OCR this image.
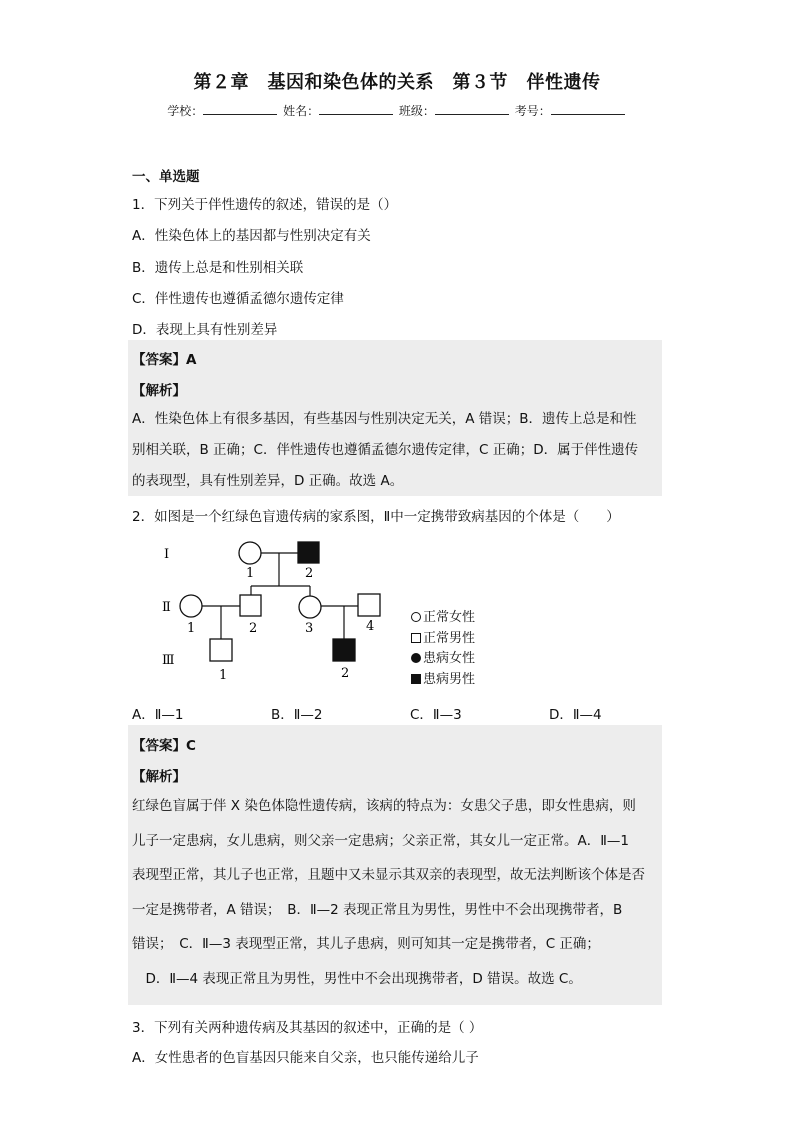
第２章　基因和染色体的关系　第３节　伴性遗传
学校：	姓名：	班级：	考号：
一、单选题
1．下列关于伴性遗传的叙述，错误的是（）
A．性染色体上的基因都与性别决定有关
B．遗传上总是和性别相关联
C．伴性遗传也遵循孟德尔遗传定律
D．表现上具有性别差异
【答案】A
【解析】
A．性染色体上有很多基因，有些基因与性别决定无关，A 错误；B．遗传上总是和性
别相关联，B 正确；C．伴性遗传也遵循孟德尔遗传定律，C 正确；D．属于伴性遗传
的表现型，具有性别差异，D 正确。故选 A。
2．如图是一个红绿色盲遗传病的家系图，Ⅱ中一定携带致病基因的个体是（　　）
Ⅰ
Ⅱ
Ⅲ
1	2
1	2	3	4
1	2
正常女性
正常男性
患病女性
患病男性
A．Ⅱ—1	B．Ⅱ—2	C．Ⅱ—3	D．Ⅱ—4
【答案】C
【解析】
红绿色盲属于伴 X 染色体隐性遗传病，该病的特点为：女患父子患，即女性患病，则
儿子一定患病，女儿患病，则父亲一定患病；父亲正常，其女儿一定正常。A．Ⅱ—1
表现型正常，其儿子也正常，且题中又未显示其双亲的表现型，故无法判断该个体是否
一定是携带者，A 错误；　B．Ⅱ—2 表现正常且为男性，男性中不会出现携带者，B
错误；　C．Ⅱ—3 表现型正常，其儿子患病，则可知其一定是携带者，C 正确；
　D．Ⅱ—4 表现正常且为男性，男性中不会出现携带者，D 错误。故选 C。
3．下列有关两种遗传病及其基因的叙述中，正确的是（ ）
A．女性患者的色盲基因只能来自父亲，也只能传递给儿子
